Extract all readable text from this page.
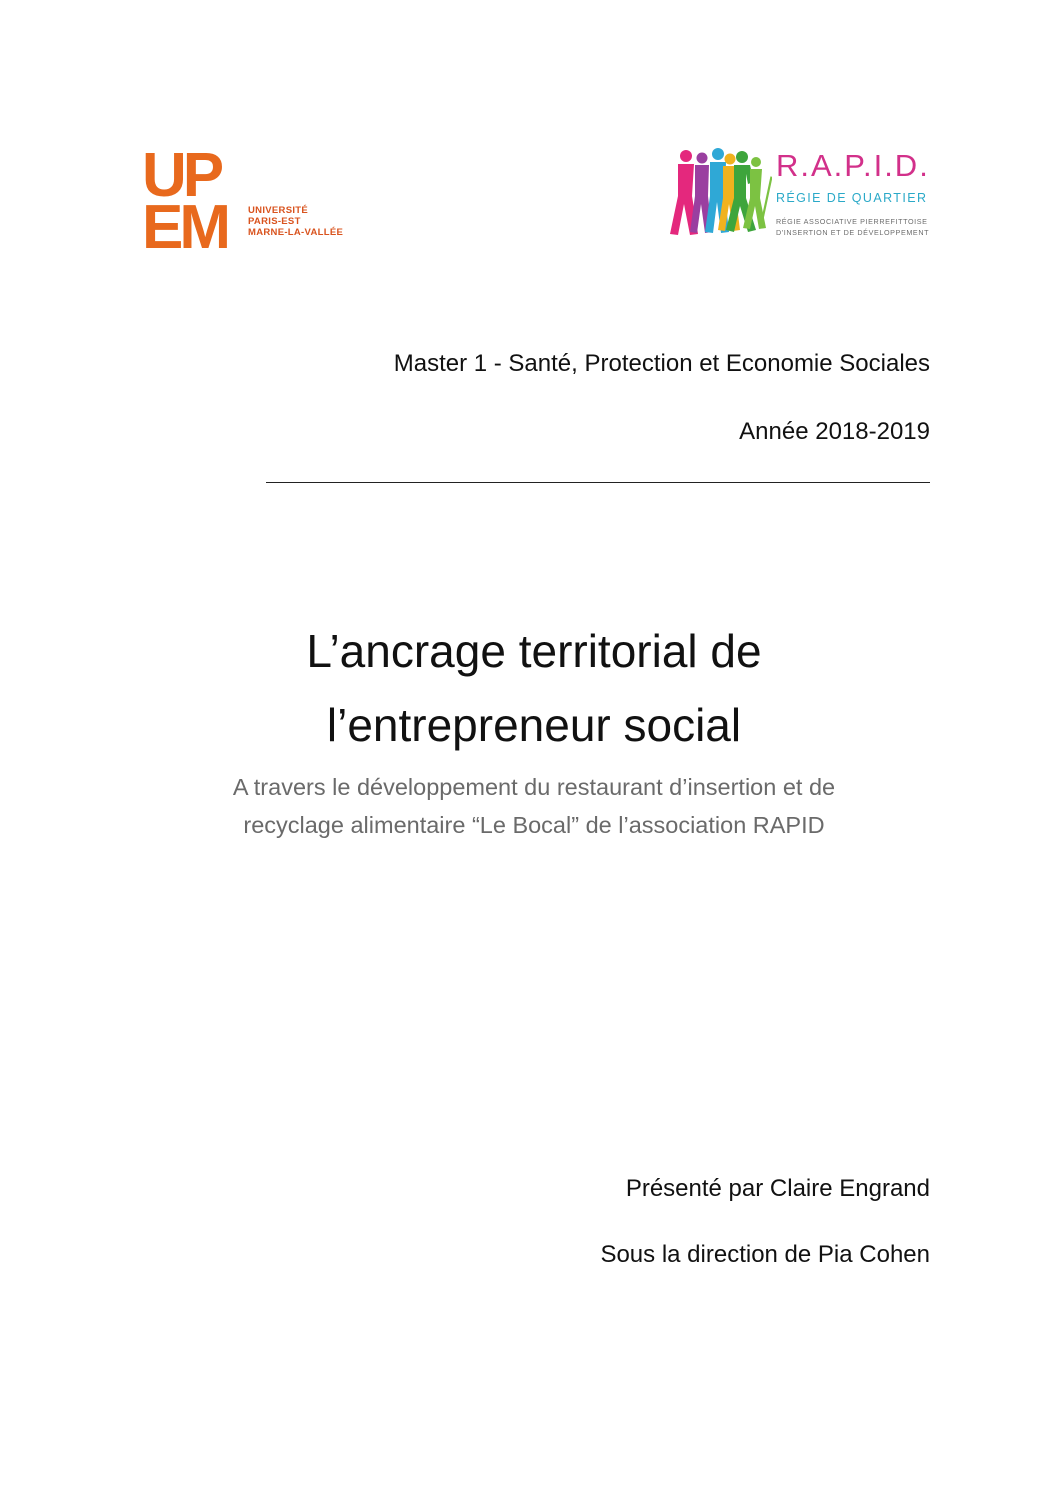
UP
EM UNIVERSITÉ
PARIS-EST
MARNE-LA-VALLÉE
R.A.P.I.D.
RÉGIE DE QUARTIER
RÉGIE ASSOCIATIVE PIERREFITTOISE
D'INSERTION ET DE DÉVELOPPEMENT
Master 1 - Santé, Protection et Economie Sociales
Année 2018-2019
L’ancrage territorial de
l’entrepreneur social
A travers le développement du restaurant d’insertion et de
recyclage alimentaire “Le Bocal” de l’association RAPID
Présenté par Claire Engrand
Sous la direction de Pia Cohen
